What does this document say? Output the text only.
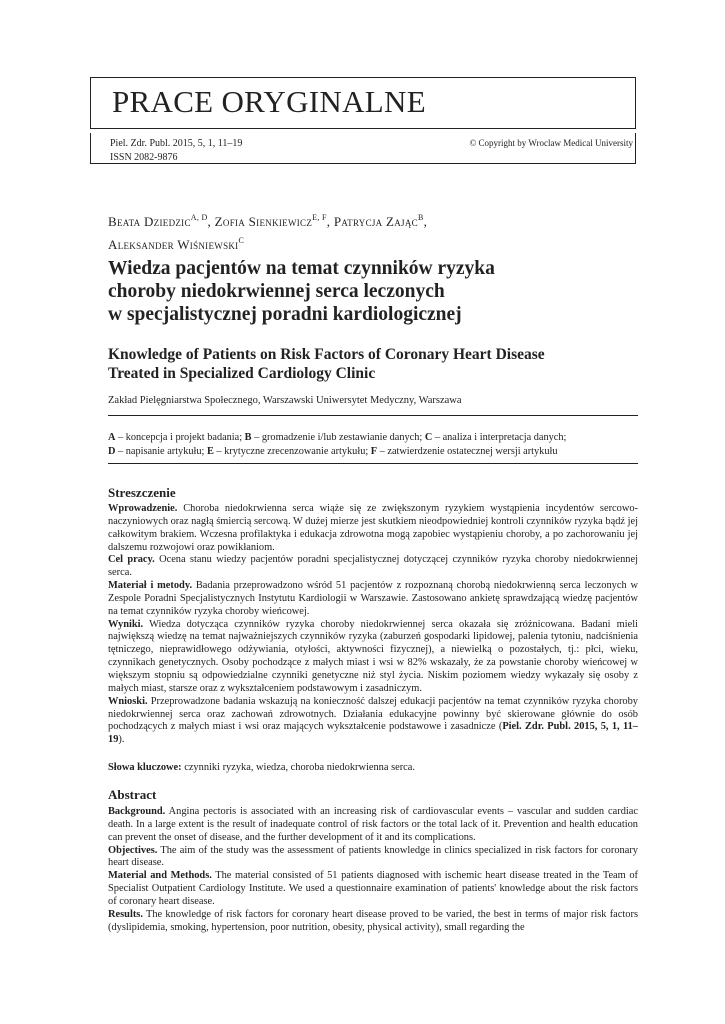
PRACE ORYGINALNE
Piel. Zdr. Publ. 2015, 5, 1, 11–19
ISSN 2082-9876
© Copyright by Wroclaw Medical University
Beata Dziedzic$^{A, D}$, Zofia Sienkiewicz$^{E, F}$, Patrycja Zając$^B$,
Aleksander Wiśniewski$^C$
Wiedza pacjentów na temat czynników ryzyka
choroby niedokrwiennej serca leczonych
w specjalistycznej poradni kardiologicznej
Knowledge of Patients on Risk Factors of Coronary Heart Disease
Treated in Specialized Cardiology Clinic
Zakład Pielęgniarstwa Społecznego, Warszawski Uniwersytet Medyczny, Warszawa
A – koncepcja i projekt badania; B – gromadzenie i/lub zestawianie danych; C – analiza i interpretacja danych;
D – napisanie artykułu; E – krytyczne zrecenzowanie artykułu; F – zatwierdzenie ostatecznej wersji artykułu
Streszczenie

Wprowadzenie. Choroba niedokrwienna serca wiąże się ze zwiększonym ryzykiem wystąpienia incydentów sercowo-naczyniowych oraz nagłą śmiercią sercową. W dużej mierze jest skutkiem nieodpowiedniej kontroli czynników ryzyka bądź jej całkowitym brakiem. Wczesna profilaktyka i edukacja zdrowotna mogą zapobiec wystąpieniu choroby, a po zachorowaniu jej dalszemu rozwojowi oraz powikłaniom.

Cel pracy. Ocena stanu wiedzy pacjentów poradni specjalistycznej dotyczącej czynników ryzyka choroby niedokrwiennej serca.

Materiał i metody. Badania przeprowadzono wśród 51 pacjentów z rozpoznaną chorobą niedokrwienną serca leczonych w Zespole Poradni Specjalistycznych Instytutu Kardiologii w Warszawie. Zastosowano ankietę sprawdzającą wiedzę pacjentów na temat czynników ryzyka choroby wieńcowej.

Wyniki. Wiedza dotycząca czynników ryzyka choroby niedokrwiennej serca okazała się zróżnicowana. Badani mieli największą wiedzę na temat najważniejszych czynników ryzyka (zaburzeń gospodarki lipidowej, palenia tytoniu, nadciśnienia tętniczego, nieprawidłowego odżywiania, otyłości, aktywności fizycznej), a niewielką o pozostałych, tj.: płci, wieku, czynnikach genetycznych. Osoby pochodzące z małych miast i wsi w 82% wskazały, że za powstanie choroby wieńcowej w większym stopniu są odpowiedzialne czynniki genetyczne niż styl życia. Niskim poziomem wiedzy wykazały się osoby z małych miast, starsze oraz z wykształceniem podstawowym i zasadniczym.

Wnioski. Przeprowadzone badania wskazują na konieczność dalszej edukacji pacjentów na temat czynników ryzyka choroby niedokrwiennej serca oraz zachowań zdrowotnych. Działania edukacyjne powinny być skierowane głównie do osób pochodzących z małych miast i wsi oraz mających wykształcenie podstawowe i zasadnicze (Piel. Zdr. Publ. 2015, 5, 1, 11–19).

Słowa kluczowe: czynniki ryzyka, wiedza, choroba niedokrwienna serca.

Abstract

Background. Angina pectoris is associated with an increasing risk of cardiovascular events – vascular and sudden cardiac death. In a large extent is the result of inadequate control of risk factors or the total lack of it. Prevention and health education can prevent the onset of disease, and the further development of it and its complications.

Objectives. The aim of the study was the assessment of patients knowledge in clinics specialized in risk factors for coronary heart disease.

Material and Methods. The material consisted of 51 patients diagnosed with ischemic heart disease treated in the Team of Specialist Outpatient Cardiology Institute. We used a questionnaire examination of patients' knowledge about the risk factors of coronary heart disease.

Results. The knowledge of risk factors for coronary heart disease proved to be varied, the best in terms of major risk factors (dyslipidemia, smoking, hypertension, poor nutrition, obesity, physical activity), small regarding the
